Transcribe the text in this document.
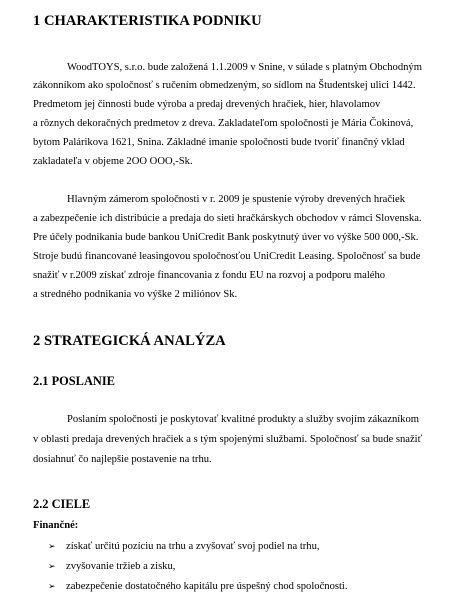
1 CHARAKTERISTIKA PODNIKU
WoodTOYS, s.r.o. bude založená 1.1.2009 v Snine, v súlade s platným Obchodným
zákonníkom ako spoločnosť s ručením obmedzeným, so sídlom na Študentskej ulici 1442.
Predmetom jej činnosti bude výroba a predaj drevených hračiek, hier, hlavolamov
a rôznych dekoračných predmetov z dreva. Zakladateľom spoločnosti je Mária Čokinová,
bytom Palárikova 1621, Snina. Základné imanie spoločnosti bude tvoriť finančný vklad
zakladateľa v objeme 2OO OOO,-Sk.
Hlavným zámerom spoločnosti v r. 2009 je spustenie výroby drevených hračiek
a zabezpečenie ich distribúcie a predaja do sieti hračkárskych obchodov v rámci Slovenska.
Pre účely podnikania bude bankou UniCredit Bank poskytnutý úver vo výške 500 000,-Sk.
Stroje budú financované leasingovou spoločnosťou UniCredit Leasing. Spoločnosť sa bude
snažiť v r.2009 získať zdroje financovania z fondu EU na rozvoj a podporu malého
a stredného podnikania vo výške 2 miliónov Sk.
2 STRATEGICKÁ ANALÝZA
2.1 POSLANIE
Poslaním spoločnosti je poskytovať kvalitné produkty a služby svojím zákazníkom
v oblasti predaja drevených hračiek a s tým spojenými službami. Spoločnosť sa bude snažiť
dosiahnuť čo najlepšie postavenie na trhu.
2.2 CIELE
Finančné:
➢ získať určitú pozíciu na trhu a zvyšovať svoj podiel na trhu,
➢ zvyšovanie tržieb a zisku,
➢ zabezpečenie dostatočného kapitálu pre úspešný chod spoločnosti.
